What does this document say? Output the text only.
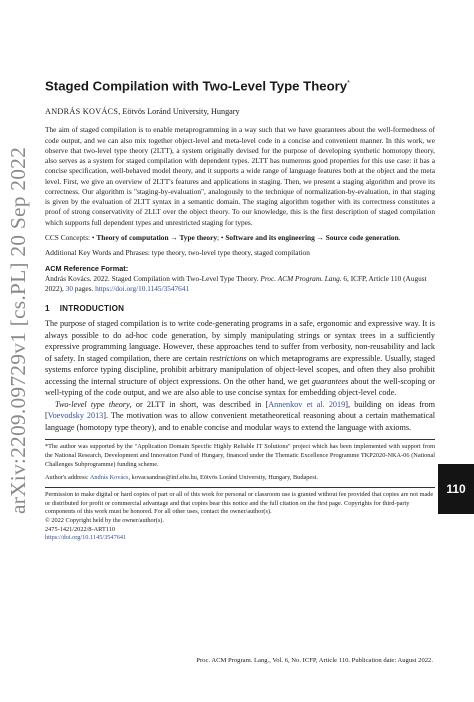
arXiv:2209.09729v1 [cs.PL] 20 Sep 2022
Staged Compilation with Two-Level Type Theory*
ANDRÁS KOVÁCS, Eötvös Loránd University, Hungary

The aim of staged compilation is to enable metaprogramming in a way such that we have guarantees about the well-formedness of code output, and we can also mix together object-level and meta-level code in a concise and convenient manner. In this work, we observe that two-level type theory (2LTT), a system originally devised for the purpose of developing synthetic homotopy theory, also serves as a system for staged compilation with dependent types. 2LTT has numerous good properties for this use case: it has a concise specification, well-behaved model theory, and it supports a wide range of language features both at the object and the meta level. First, we give an overview of 2LTT's features and applications in staging. Then, we present a staging algorithm and prove its correctness. Our algorithm is "staging-by-evaluation", analogously to the technique of normalization-by-evaluation, in that staging is given by the evaluation of 2LTT syntax in a semantic domain. The staging algorithm together with its correctness constitutes a proof of strong conservativity of 2LLT over the object theory. To our knowledge, this is the first description of staged compilation which supports full dependent types and unrestricted staging for types.

CCS Concepts: • Theory of computation → Type theory; • Software and its engineering → Source code generation.

Additional Key Words and Phrases: type theory, two-level type theory, staged compilation

ACM Reference Format:

András Kovács. 2022. Staged Compilation with Two-Level Type Theory. Proc. ACM Program. Lang. 6, ICFP, Article 110 (August 2022), 30 pages. https://doi.org/10.1145/3547641

1 INTRODUCTION

The purpose of staged compilation is to write code-generating programs in a safe, ergonomic and expressive way. It is always possible to do ad-hoc code generation, by simply manipulating strings or syntax trees in a sufficiently expressive programming language. However, these approaches tend to suffer from verbosity, non-reusability and lack of safety. In staged compilation, there are certain restrictions on which metaprograms are expressible. Usually, staged systems enforce typing discipline, prohibit arbitrary manipulation of object-level scopes, and often they also prohibit accessing the internal structure of object expressions. On the other hand, we get guarantees about the well-scoping or well-typing of the code output, and we are also able to use concise syntax for embedding object-level code.

Two-level type theory, or 2LTT in short, was described in [Annenkov et al. 2019], building on ideas from [Voevodsky 2013]. The motivation was to allow convenient metatheoretical reasoning about a certain mathematical language (homotopy type theory), and to enable concise and modular ways to extend the language with axioms.

*The author was supported by the "Application Domain Specific Highly Reliable IT Solutions" project which has been implemented with support from the National Research, Development and Innovation Fund of Hungary, financed under the Thematic Excellence Programme TKP2020-NKA-06 (National Challenges Subprogramme) funding scheme.

Author's address: András Kovács, kovacsandras@inf.elte.hu, Eötvös Loránd University, Hungary, Budapest.

Permission to make digital or hard copies of part or all of this work for personal or classroom use is granted without fee provided that copies are not made or distributed for profit or commercial advantage and that copies bear this notice and the full citation on the first page. Copyrights for third-party components of this work must be honored. For all other uses, contact the owner/author(s).

© 2022 Copyright held by the owner/author(s).

2475-1421/2022/8-ART110

https://doi.org/10.1145/3547641

Proc. ACM Program. Lang., Vol. 6, No. ICFP, Article 110. Publication date: August 2022.
110
